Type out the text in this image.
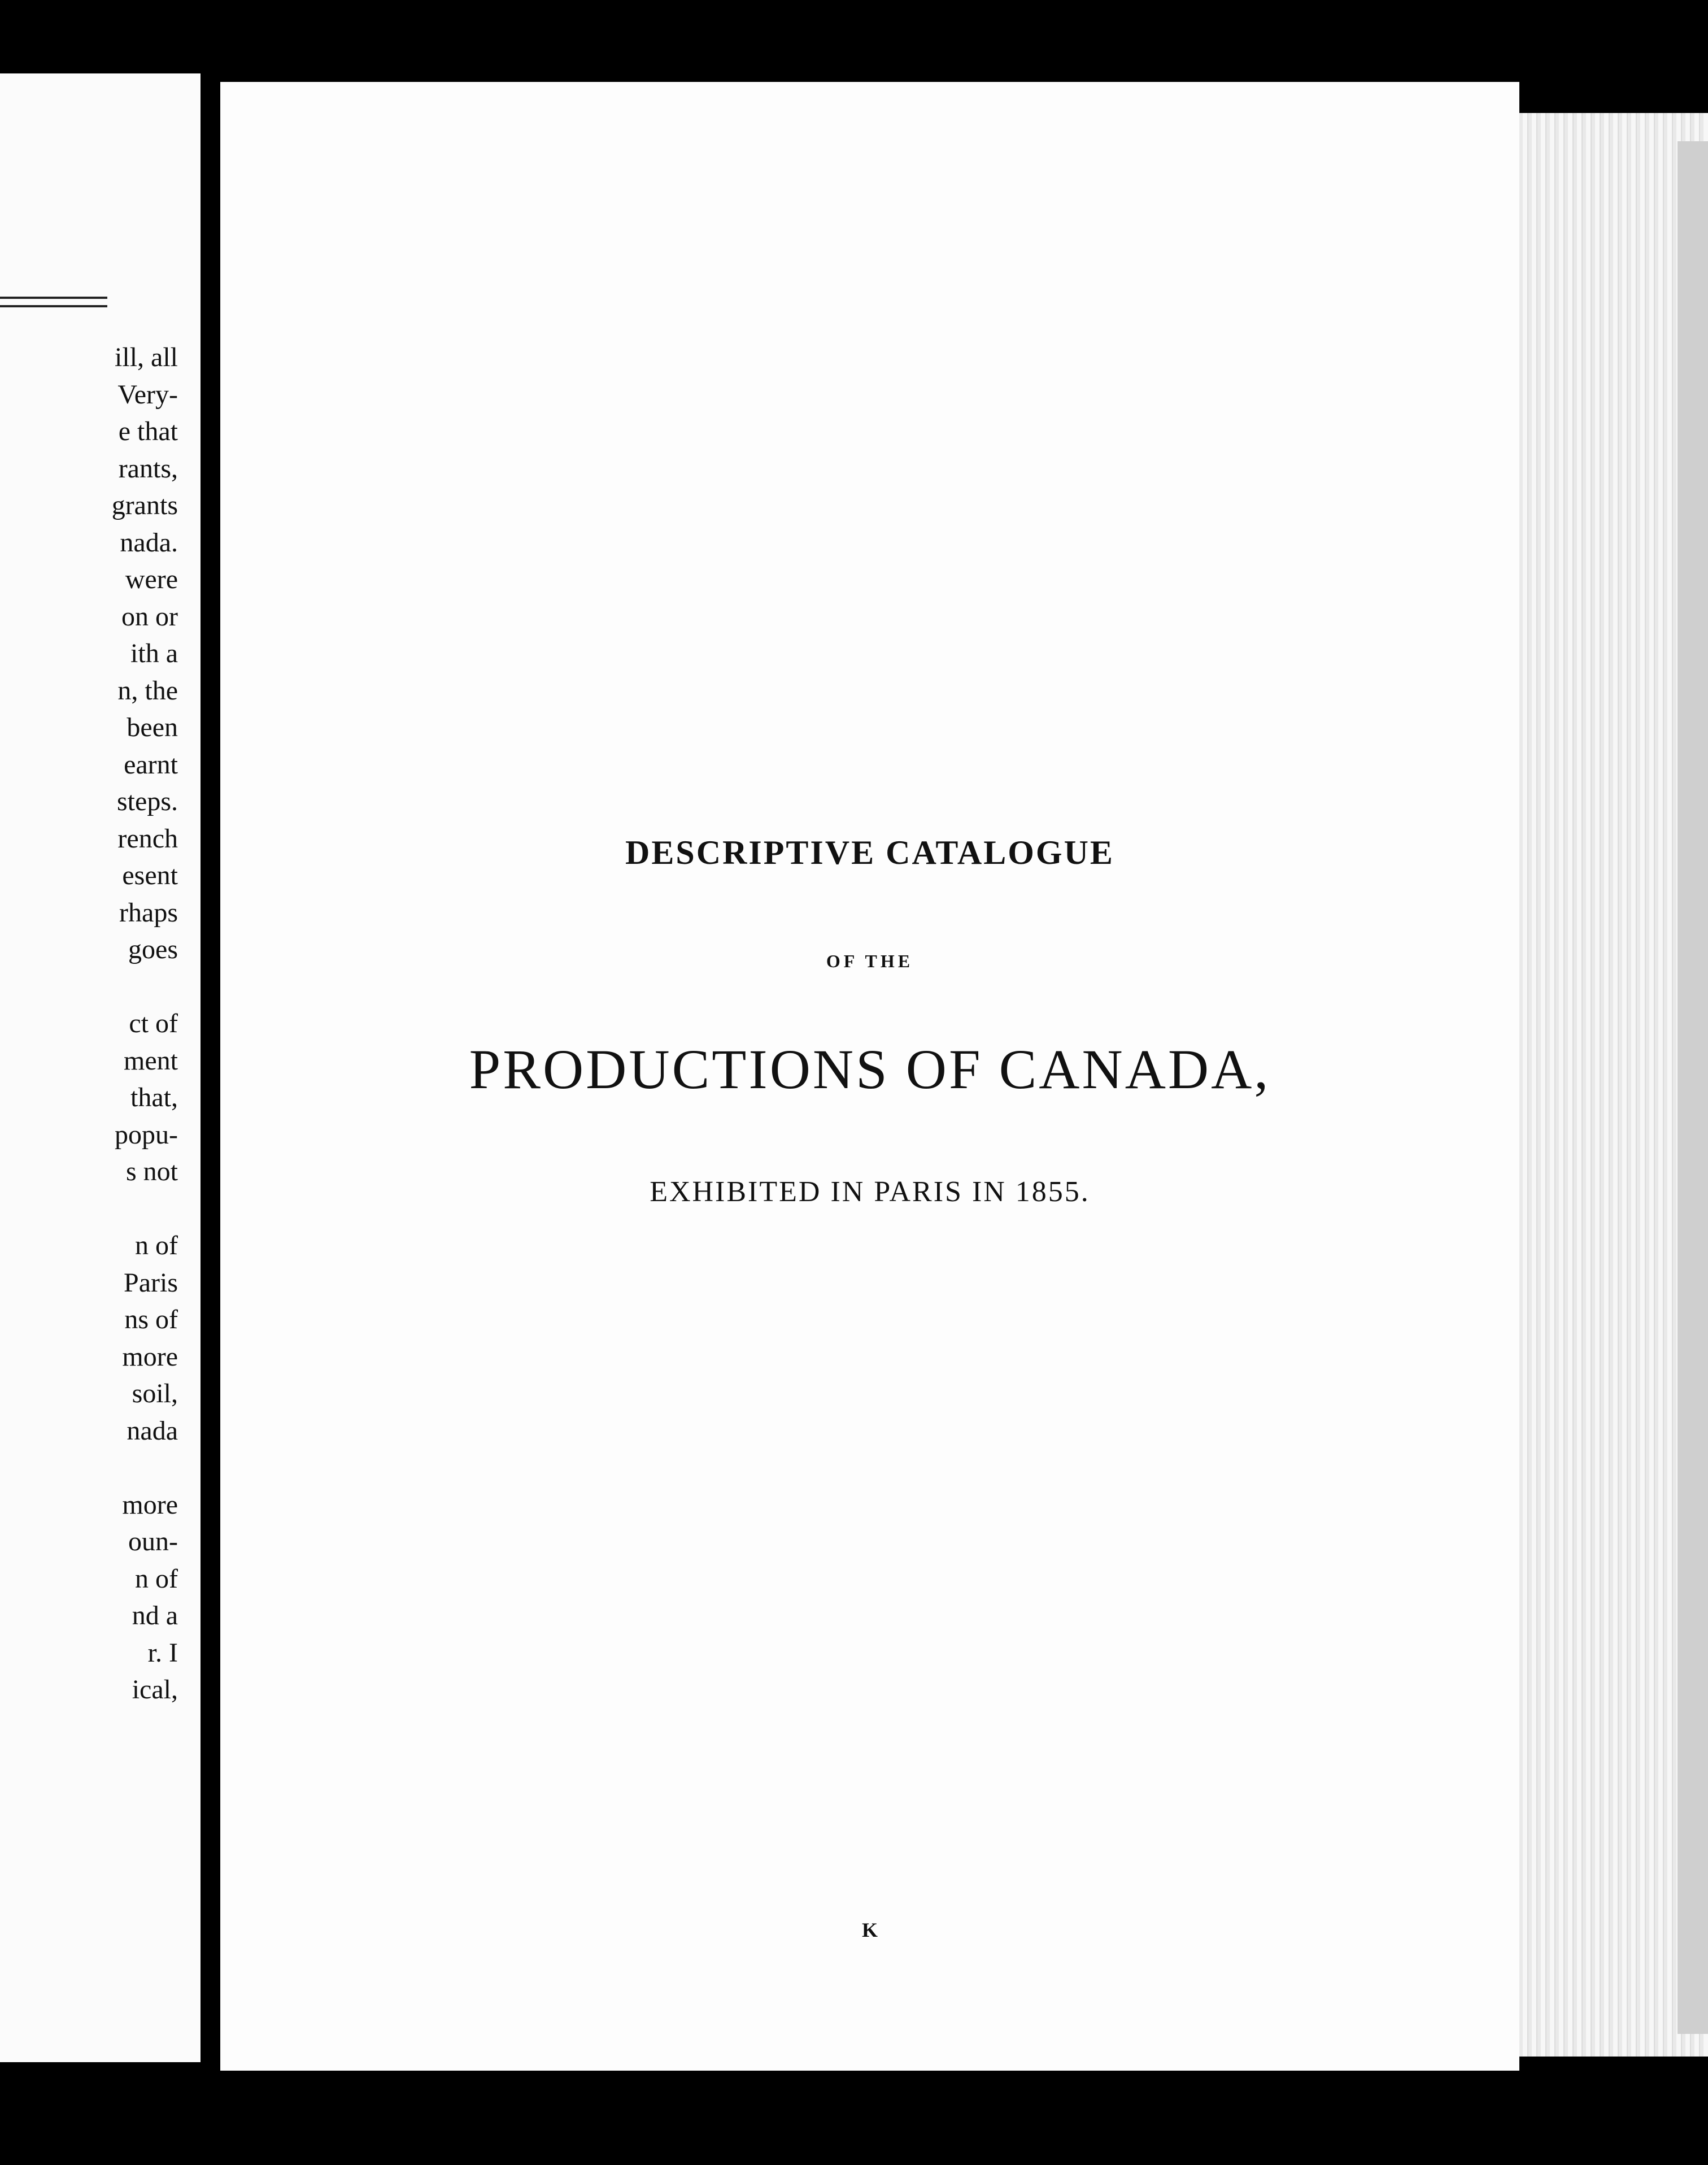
ill, all
Very-
e that
rants,
grants
nada.
were
on or
ith a
n, the
been
earnt
steps.
rench
esent
rhaps
goes
ct of
ment
that,
popu-
s not
n of
Paris
ns of
more
soil,
nada
more
oun-
n of
nd a
r. I
ical,
DESCRIPTIVE CATALOGUE
OF THE
PRODUCTIONS OF CANADA,
EXHIBITED IN PARIS IN 1855.
K
